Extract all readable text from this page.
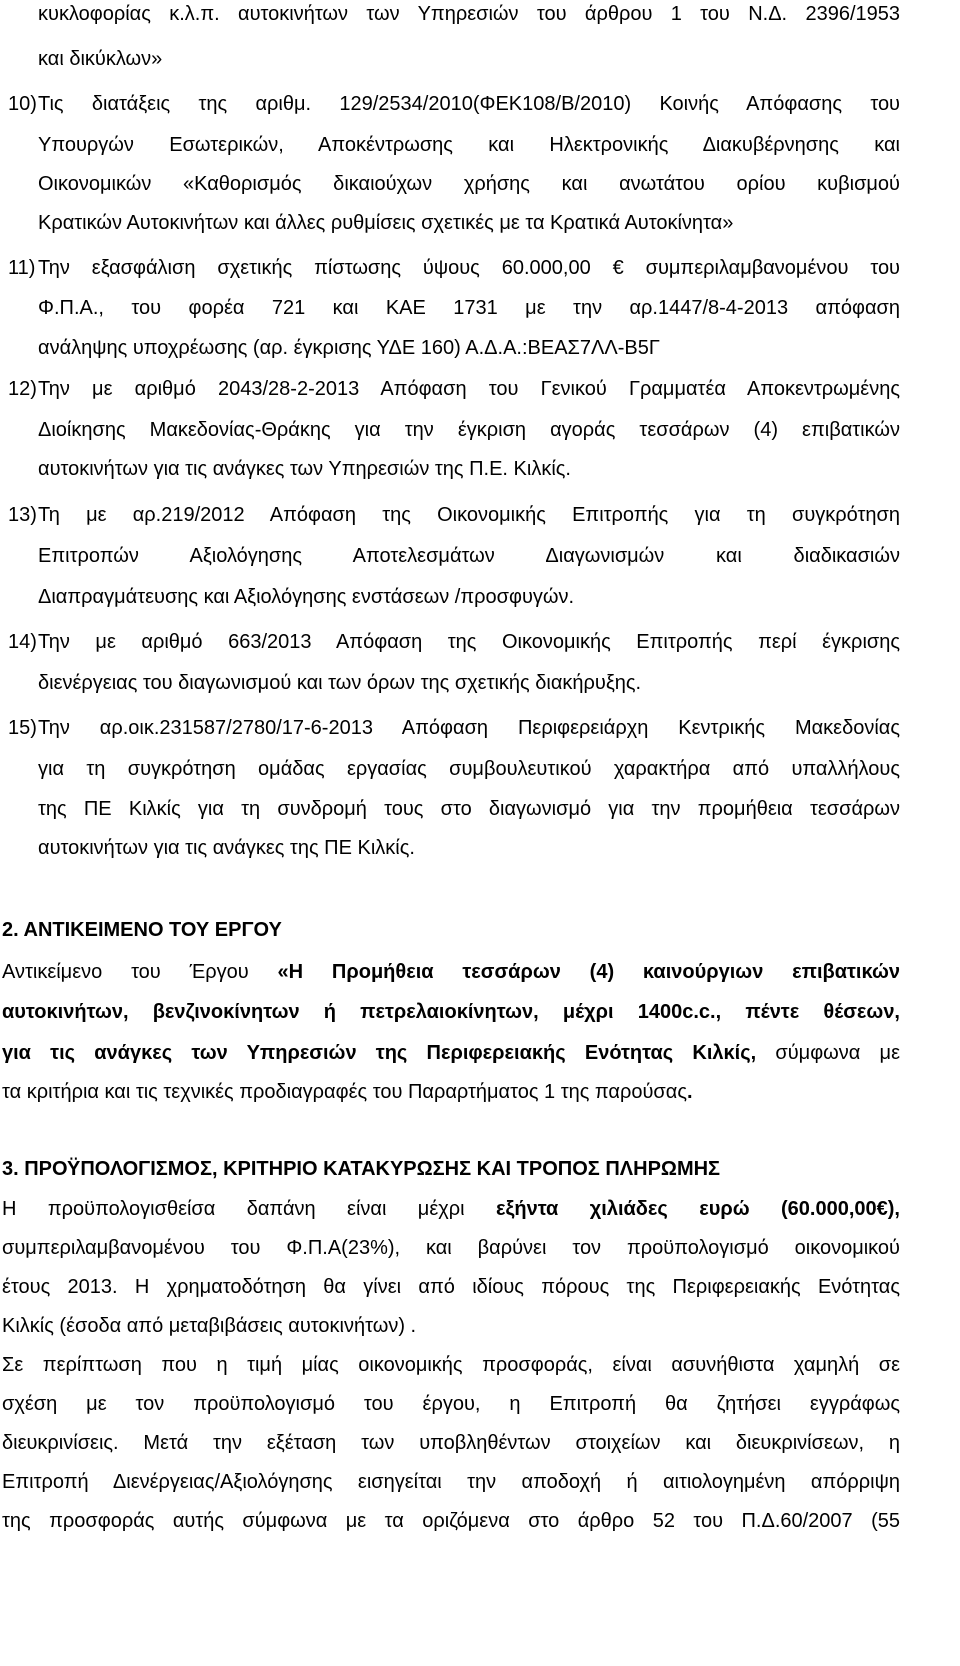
κυκλοφορίας κ.λ.π. αυτοκινήτων των Υπηρεσιών του άρθρου 1 του Ν.Δ. 2396/1953
και δικύκλων»
10) Τις διατάξεις της αριθμ. 129/2534/2010(ΦΕΚ108/Β/2010) Κοινής Απόφασης του
Υπουργών Εσωτερικών, Αποκέντρωσης και Ηλεκτρονικής Διακυβέρνησης και
Οικονομικών «Καθορισμός δικαιούχων χρήσης και ανωτάτου ορίου κυβισμού
Κρατικών Αυτοκινήτων και άλλες ρυθμίσεις σχετικές με τα Κρατικά Αυτοκίνητα»
11) Την εξασφάλιση σχετικής πίστωσης ύψους 60.000,00 € συμπεριλαμβανομένου του
Φ.Π.Α., του φορέα 721 και ΚΑΕ 1731 με την αρ.1447/8-4-2013 απόφαση
ανάληψης υποχρέωσης (αρ. έγκρισης ΥΔΕ 160) Α.Δ.Α.:ΒΕΑΣ7ΛΛ-Β5Γ
12) Την με αριθμό 2043/28-2-2013 Απόφαση του Γενικού Γραμματέα Αποκεντρωμένης
Διοίκησης Μακεδονίας-Θράκης για την έγκριση αγοράς τεσσάρων (4) επιβατικών
αυτοκινήτων για τις ανάγκες των Υπηρεσιών της Π.Ε. Κιλκίς.
13) Τη με αρ.219/2012 Απόφαση της Οικονομικής Επιτροπής για τη συγκρότηση
Επιτροπών Αξιολόγησης Αποτελεσμάτων Διαγωνισμών και διαδικασιών
Διαπραγμάτευσης και Αξιολόγησης ενστάσεων /προσφυγών.
14) Την με αριθμό 663/2013 Απόφαση της Οικονομικής Επιτροπής περί έγκρισης
διενέργειας του διαγωνισμού και των όρων της σχετικής διακήρυξης.
15) Την αρ.οικ.231587/2780/17-6-2013 Απόφαση Περιφερειάρχη Κεντρικής Μακεδονίας
για τη συγκρότηση ομάδας εργασίας συμβουλευτικού χαρακτήρα από υπαλλήλους
της ΠΕ Κιλκίς για τη συνδρομή τους στο διαγωνισμό για την προμήθεια τεσσάρων
αυτοκινήτων για τις ανάγκες της ΠΕ Κιλκίς.
2. ΑΝΤΙΚΕΙΜΕΝΟ ΤΟΥ ΕΡΓΟΥ
Αντικείμενο του Έργου «Η Προμήθεια τεσσάρων (4) καινούργιων επιβατικών
αυτοκινήτων, βενζινοκίνητων ή πετρελαιοκίνητων, μέχρι 1400c.c., πέντε θέσεων,
για τις ανάγκες των Υπηρεσιών της Περιφερειακής Ενότητας Κιλκίς, σύμφωνα με
τα κριτήρια και τις τεχνικές προδιαγραφές του Παραρτήματος 1 της παρούσας.
3. ΠΡΟΫΠΟΛΟΓΙΣΜΟΣ, ΚΡΙΤΗΡΙΟ ΚΑΤΑΚΥΡΩΣΗΣ ΚΑΙ ΤΡΟΠΟΣ ΠΛΗΡΩΜΗΣ
Η προϋπολογισθείσα δαπάνη είναι μέχρι εξήντα χιλιάδες ευρώ (60.000,00€),
συμπεριλαμβανομένου του Φ.Π.Α(23%), και βαρύνει τον προϋπολογισμό οικονομικού
έτους 2013. Η χρηματοδότηση θα γίνει από ιδίους πόρους της Περιφερειακής Ενότητας
Κιλκίς (έσοδα από μεταβιβάσεις αυτοκινήτων) .
Σε περίπτωση που η τιμή μίας οικονομικής προσφοράς, είναι ασυνήθιστα χαμηλή σε
σχέση με τον προϋπολογισμό του έργου, η Επιτροπή θα ζητήσει εγγράφως
διευκρινίσεις. Μετά την εξέταση των υποβληθέντων στοιχείων και διευκρινίσεων, η
Επιτροπή Διενέργειας/Αξιολόγησης εισηγείται την αποδοχή ή αιτιολογημένη απόρριψη
της προσφοράς αυτής σύμφωνα με τα οριζόμενα στο άρθρο 52 του Π.Δ.60/2007 (55
